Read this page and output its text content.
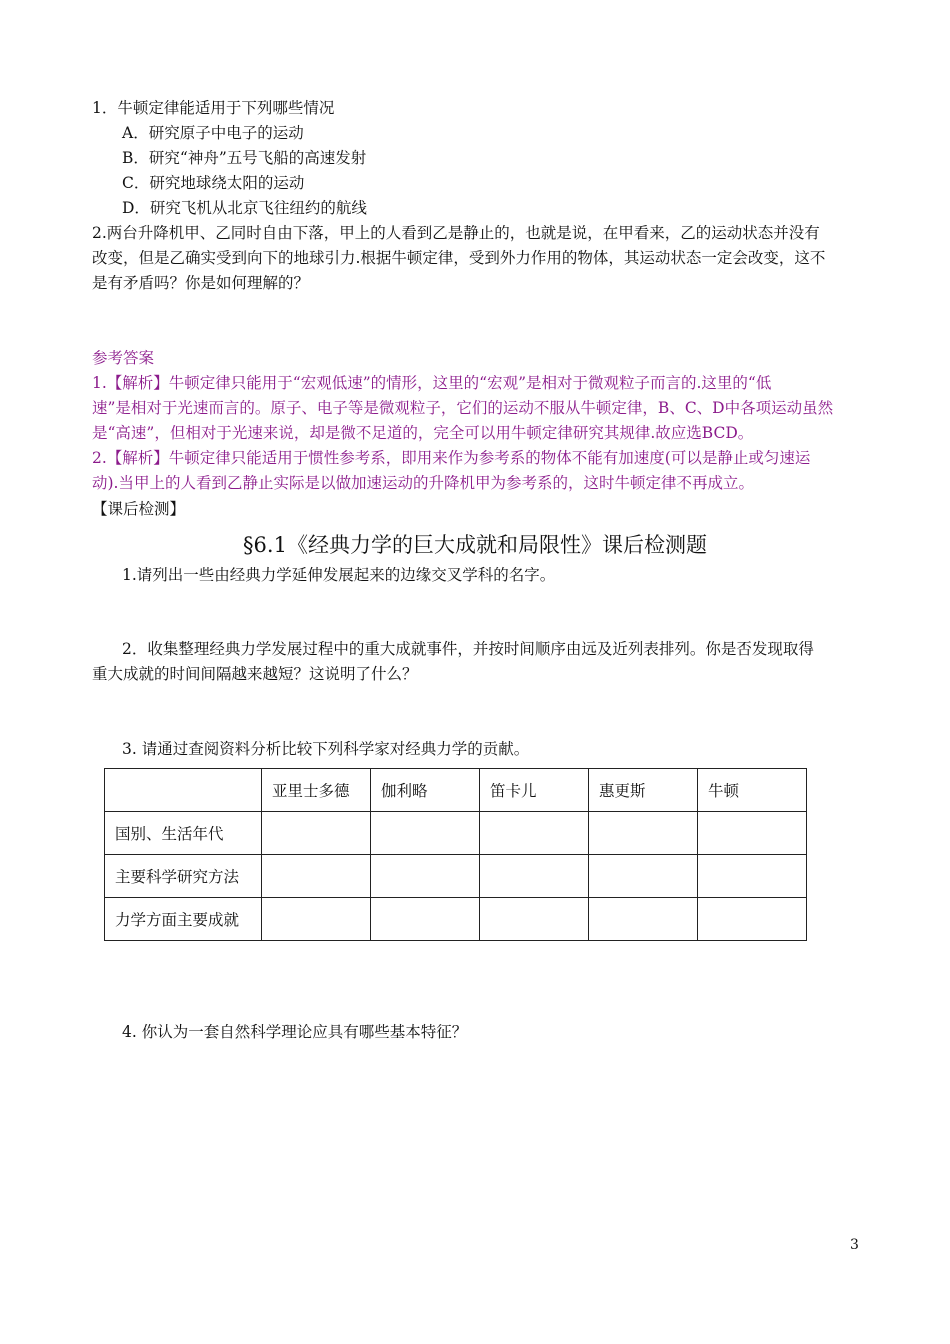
1．牛顿定律能适用于下列哪些情况
A．研究原子中电子的运动
B．研究“神舟”五号飞船的高速发射
C．研究地球绕太阳的运动
D．研究飞机从北京飞往纽约的航线
2.两台升降机甲、乙同时自由下落，甲上的人看到乙是静止的，也就是说，在甲看来，乙的运动状态并没有
改变，但是乙确实受到向下的地球引力.根据牛顿定律，受到外力作用的物体，其运动状态一定会改变，这不
是有矛盾吗？你是如何理解的？
参考答案
1.【解析】牛顿定律只能用于“宏观低速”的情形，这里的“宏观”是相对于微观粒子而言的.这里的“低
速”是相对于光速而言的。原子、电子等是微观粒子，它们的运动不服从牛顿定律，B、C、D中各项运动虽然
是“高速”，但相对于光速来说，却是微不足道的，完全可以用牛顿定律研究其规律.故应选BCD。
2.【解析】牛顿定律只能适用于惯性参考系，即用来作为参考系的物体不能有加速度(可以是静止或匀速运
动).当甲上的人看到乙静止实际是以做加速运动的升降机甲为参考系的，这时牛顿定律不再成立。
【课后检测】
§6.1《经典力学的巨大成就和局限性》课后检测题
1.请列出一些由经典力学延伸发展起来的边缘交叉学科的名字。
2．收集整理经典力学发展过程中的重大成就事件，并按时间顺序由远及近列表排列。你是否发现取得
重大成就的时间间隔越来越短？这说明了什么？
3. 请通过查阅资料分析比较下列科学家对经典力学的贡献。
	亚里士多德	伽利略	笛卡儿	惠更斯	牛顿
国别、生活年代					
主要科学研究方法					
力学方面主要成就					
4. 你认为一套自然科学理论应具有哪些基本特征？
3
